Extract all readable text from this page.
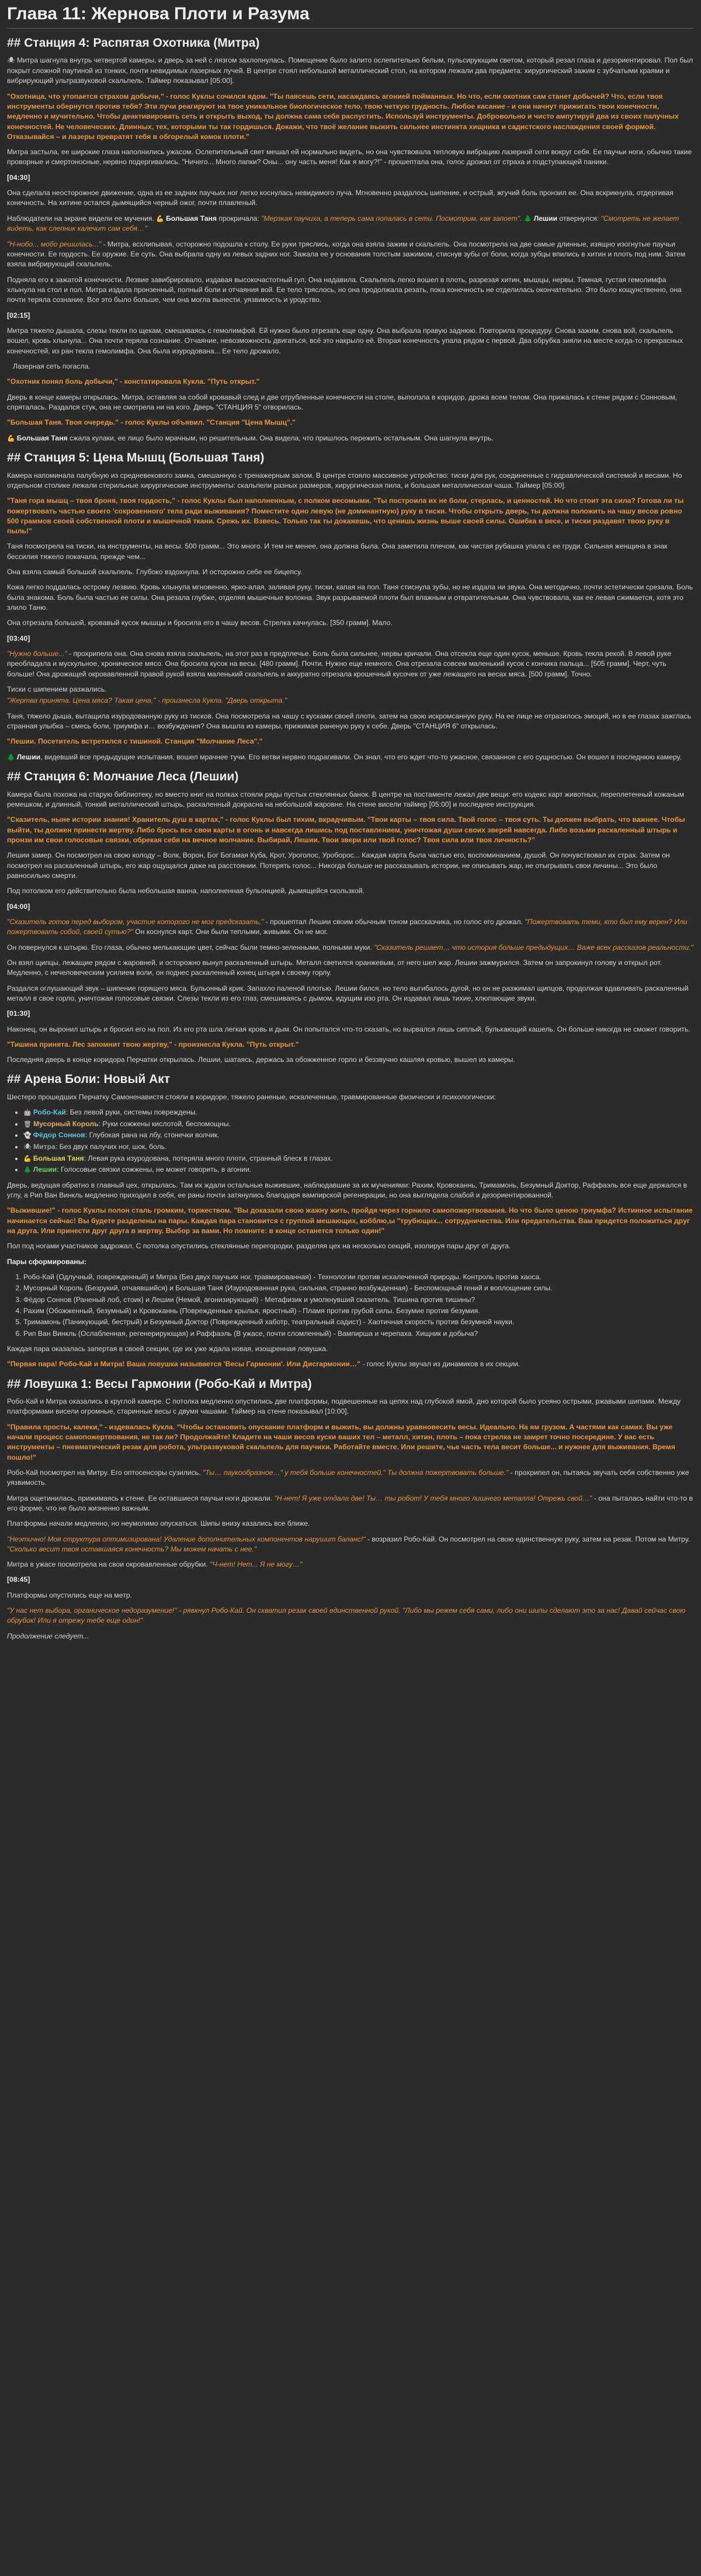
Глава 11: Жернова Плоти и Разума
## Станция 4: Распятая Охотника (Митра)

🕷 Митра шагнула внутрь четвертой камеры, и дверь за ней с лязгом захлопнулась. Помещение было залито ослепительно белым, пульсирующим светом, который резал глаза и дезориентировал. Пол был покрыт сложной паутиной из тонких, почти невидимых лазерных лучей. В центре стоял небольшой металлический стол, на котором лежали два предмета: хирургический зажим с зубчатыми краями и вибрирующий ультразвуковой скальпель. Таймер показывал [05:00].

"Охотница, что утопается страхом добычи," - голос Куклы сочился ядом. "Ты паясешь сети, насаждаясь агонией пойманных. Но что, если охотник сам станет добычей? Что, если твоя инструменты обернутся против тебя? Эти лучи реагируют на твое уникальное биологическое тело, твою четкую грудность. Любое касание - и они начнут прижигать твои конечности, медленно и мучительно. Чтобы деактивировать сеть и открыть выход, ты должна сама себя распустить. Используй инструменты. Добровольно и чисто ампутируй два из своих палучных конечностей. Не человеческих. Длинных, тех, которыми ты так гордишься. Докажи, что твоё желание выжить сильнее инстинкта хищника и садистского наслаждения своей формой. Отказывайся – и лазеры превратят тебя в обгорелый комок плоти."

Митра застыла, ее широкие глаза наполнились ужасом. Ослепительный свет мешал ей нормально видеть, но она чувствовала тепловую вибрацию лазерной сети вокруг себя. Ее паучьи ноги, обычно такие проворные и смертоносные, нервно подергивались. "Ничего... Много лапки? Оны... ону часть меня! Как я могу?!" - прошептала она, голос дрожал от страха и подступающей паники.

[04:30]

Она сделала неосторожное движение, одна из ее задних паучьих ног легко коснулась невидимого луча. Мгновенно раздалось шипение, и острый, жгучий боль пронзил ее. Она вскрикнула, отдергивая конечность. На хитине остался дымящийся черный ожог, почти плавленый.

Наблюдатели на экране видели ее мучения. 💪 Большая Таня прокричала: "Мерзкая паучиха, а теперь сама попалась в сети. Посмотрим, как запоет". 🌲 Лешии отвернулся: "Смотреть не желает видеть, как слепник калечит сам себя…"

"Н-нобо... мобо решилась..." - Митра, всхлипывая, осторожно подошла к столу. Ее руки тряслись, когда она взяла зажим и скальпель. Она посмотрела на две самые длинные, изящно изогнутые паучьи конечности. Ее гордость. Ее оружие. Ее суть. Она выбрала одну из левых задних ног. Зажала ее у основания толстым зажимом, стиснув зубы от боли, когда зубцы впились в хитин и плоть под ним. Затем взяла вибрирующий скальпель.

Подняла его к зажатой конечности. Лезвие завибрировало, издавая высокочастотный гул. Она надавила. Скальпель легко вошел в плоть, разрезая хитин, мышцы, нервы. Темная, густая гемолимфа хлынула на стол и пол. Митра издала пронзенный, полный боли и отчаяния вой. Ее тело тряслось, но она продолжала резать, пока конечность не отделилась окончательно. Это было кощунственно, она почти теряла сознание. Все это было больше, чем она могла вынести, уязвимость и уродство.

[02:15]

Митра тяжело дышала, слезы текли по щекам, смешиваясь с гемолимфой. Ей нужно было отрезать еще одну. Она выбрала правую заднюю. Повторила процедуру. Снова зажим, снова вой, скальпель вошел, кровь хлынула... Она почти теряла сознание. Отчаяние, невозможность двигаться, всё это накрыло её. Вторая конечность упала рядом с первой. Два обрубка зияли на месте когда-то прекрасных конечностей, из ран текла гемолимфа. Она была изуродована... Ее тело дрожало.

Лазерная сеть погасла.

"Охотник понял боль добычи," - констатировала Кукла. "Путь открыт."

Дверь в конце камеры открылась. Митра, оставляя за собой кровавый след и две отрубленные конечности на столе, выползла в коридор, дрожа всем телом. Она прижалась к стене рядом с Сонновым, спряталась. Раздался стук, она не смотрела ни на кого. Дверь "СТАНЦИЯ 5" отворилась.

"Большая Таня. Твоя очередь." - голос Куклы объявил. "Станция "Цена Мышц"."

💪 Большая Таня сжала кулаки, ее лицо было мрачным, но решительным. Она видела, что пришлось пережить остальным. Она шагнула внутрь.

## Станция 5: Цена Мышц (Большая Таня)

Камера напоминала палубную из средневекового замка, смешанную с тренажерным залом. В центре стояло массивное устройство: тиски для рук, соединенные с гидравлической системой и весами. Но отдельном столике лежали стерильные хирургические инструменты: скальпели разных размеров, хирургическая пила, и большая металлическая чаша. Таймер [05:00].

"Таня гора мышц – твоя броня, твоя гордость," - голос Куклы был наполненным, с полком весомыми. "Ты построила их не боли, стерлась, и ценностей. Но что стоит эта сила? Готова ли ты пожертвовать частью своего 'сокровенного' тела ради выживания? Поместите одно левую (не доминантную) руку в тиски. Чтобы открыть дверь, ты должна положить на чашу весов ровно 500 граммов своей собственной плоти и мышечной ткани. Срежь их. Взвесь. Только так ты докажешь, что ценишь жизнь выше своей силы. Ошибка в весе, и тиски раздавят твою руку в пыль!"

Таня посмотрела на тиски, на инструменты, на весы. 500 грамм... Это много. И тем не менее, она должна была. Она заметила плечом, как чистая рубашка упала с ее груди. Сильная женщина в знак бессилия тяжело покачала, прежде чем...

Она взяла самый большой скальпель. Глубоко вздохнула. И осторожно себе ее бицепсу.

Кожа легко поддалась острому лезвию. Кровь хлынула мгновенно, ярко-алая, заливая руку, тиски, капая на пол. Таня стиснула зубы, но не издала ни звука. Она методично, почти эстетически срезала. Боль была знакома. Боль была частью ее силы. Она резала глубже, отделяя мышечные волокна. Звук разрываемой плоти был влажным и отвратительным. Она чувствовала, как ее левая сжимается, хотя это злило Таню.

Она отрезала большой, кровавый кусок мышцы и бросила его в чашу весов. Стрелка качнулась. [350 грамм]. Мало.

[03:40]

"Нужно больше..." - прохрипела она. Она снова взяла скальпель, на этот раз в предплечье. Боль была сильнее, нервы кричали. Она отсекла еще один кусок, меньше. Кровь текла рекой. В левой руке преобладала и мускульное, хроническое мясо. Она бросила кусок на весы. [480 грамм]. Почти. Нужно еще немного. Она отрезала совсем маленький кусок с кончика пальца... [505 грамм]. Черт, чуть больше! Она дрожащей окровавленной правой рукой взяла маленький скальпель и аккуратно отрезала крошечный кусочек от уже лежащего на весах мяса. [500 грамм]. Точно.

Тиски с шипением разжались.

"Жертва принята. Цена мяса? Такая цена," - произнесла Кукла. "Дверь открыта."

Таня, тяжело дыша, вытащила изуродованную руку из тисков. Она посмотрела на чашу с кусками своей плоти, затем на свою искромсанную руку. На ее лице не отразилось эмоций, но в ее глазах зажглась странная улыбка – смесь боли, триумфа и… возбуждения? Она вышла из камеры, прижимая раненую руку к себе. Дверь "СТАНЦИЯ 6" открылась.

"Лешии. Посетитель встретился с тишиной. Станция "Молчание Леса"."

🌲 Лешии, видевший все предыдущие испытания, вошел мрачнее тучи. Его ветви нервно подрагивали. Он знал, что его ждет что-то ужасное, связанное с его сущностью. Он вошел в последнюю камеру.

## Станция 6: Молчание Леса (Лешии)

Камера была похожа на старую библиотеку, но вместо книг на полках стояли ряды пустых стеклянных банок. В центре на постаменте лежал две вещи: его кодекс карт животных, переплетенный кожаным ремешком, и длинный, тонкий металлический штырь, раскаленный докрасна на небольшой жаровне. На стене висели таймер [05:00] и последнее инструкция.

"Сказитель, ныне истории знания! Хранитель душ в картах," - голос Куклы был тихим, вкрадчивым. "Твои карты – твоя сила. Твой голос – твоя суть. Ты должен выбрать, что важнее. Чтобы выйти, ты должен принести жертву. Либо брось все свои карты в огонь и навсегда лишись под поставлением, уничтожая души своих зверей навсегда. Либо возьми раскаленный штырь и пронзи им свои голосовые связки, обрекая себя на вечное молчание. Выбирай, Лешии. Твои звери или твой голос? Твоя сила или твоя личность?"

Лешии замер. Он посмотрел на свою колоду – Волк, Ворон, Бог Богамая Куба, Крот, Уроголос, Уроборос... Каждая карта была частью его, воспоминанием, душой. Он почувствовал их страх. Затем он посмотрел на раскаленный штырь, его жар ощущался даже на расстоянии. Потерять голос... Никогда больше не рассказывать истории, не описывать жар, не отыгрывать свои личины... Это было равносильно смерти.

Под потолком его действительно была небольшая ванна, наполненная бульонцией, дымящейся скользкой.

[04:00]

"Сказитель готов перед выбором, участие которого не мог предсказать," - прошептал Лешии своим обычным тоном рассказчика, но голос его дрожал. "Пожертвовать теми, кто был ему верен? Или пожертвовать собой, своей сутью?" Он коснулся карт. Они были теплыми, живыми. Он не мог.

Он повернулся к штырю. Его глаза, обычно мелькающие цвет, сейчас были темно-зеленными, полными муки. "Сказитель решает… что история больше предыдущих… Важе всех рассказов реальности."

Он взял щипцы, лежащие рядом с жаровней, и осторожно вынул раскаленный штырь. Металл светился оранжевым, от него шел жар. Лешии зажмурился. Затем он запрокинул голову и открыл рот. Медленно, с нечеловеческим усилием воли, он поднес раскаленный конец штыря к своему горлу.

Раздался оглушающий звук – шипение горящего мяса. Бульонный крик. Запахло паленой плотью. Лешии бился, но тело выгибалось дугой, но он не разжимал щипцов, продолжая вдавливать раскаленный металл в свое горло, уничтожая голосовые связки. Слезы текли из его глаз, смешиваясь с дымом, идущим изо рта. Он издавал лишь тихие, хлюпающие звуки.

[01:30]

Наконец, он выронил штырь и бросил его на пол. Из его рта шла легкая кровь и дым. Он попытался что-то сказать, но вырвался лишь сиплый, булькающий кашель. Он больше никогда не сможет говорить.

"Тишина принята. Лес запомнит твою жертву," - произнесла Кукла. "Путь открыт."

Последняя дверь в конце коридора Перчатки открылась. Лешии, шатаясь, держась за обожженное горло и беззвучно кашляя кровью, вышел из камеры.

## Арена Боли: Новый Акт

Шестеро прошедших Перчатку Самоненавистя стояли в коридоре, тяжело раненые, искалеченные, травмированные физически и психологически:

• 🤖 Робо-Кай: Без левой руки, системы повреждены.
• 🗑 Мусорный Король: Руки сожжены кислотой, беспомощны.
• 👻 Фёдор Соннов: Глубокая рана на лбу, стонечки волчик.
• 🕷 Митра: Без двух палучих ног, шок, боль.
• 💪 Большая Таня: Левая рука изуродована, потеряла много плоти, странный блеск в глазах.
• 🌲 Лешии: Голосовые связки сожжены, не может говорить, в агонии.

Дверь, ведущая обратно в главный цех, открылась. Там их ждали остальные выжившие, наблюдавшие за их мучениями: Рахим, Кровоканнь, Тримамонь, Безумный Доктор, Раффаэль все еще держался в углу, а Рип Ван Винкль медленно приходил в себя, ее раны почти затянулись благодаря вампирской регенерации, но она выглядела слабой и дезориентированной.

"Выжившие!" - голос Куклы полон сталь громким, торжеством. "Вы доказали свою жажну жить, пройдя через горнило самопожертвования. Но что было ценою триумфа? Истинное испытание начинается сейчас! Вы будете разделены на пары. Каждая пара становится с группой мешающих, кобблю,ы "трубющих... сотрудничества. Или предательства. Вам придется положиться друг на друга. Или принести друг друга в жертву. Выбор за вами. Но помните: в конце останется только один!"

Пол под ногами участников задрожал. С потолка опустились стеклянные перегородки, разделяя цех на несколько секций, изолируя пары друг от друга.

Пары сформированы:

1. Робо-Кай (Одлучный, поврежденный) и Митра (Без двух паучьих ног, травмированная) - Технологии против искалеченной природы. Контроль против хаоса.
2. Мусорный Король (Безрукий, отчаявшийся) и Большая Таня (Изуродованная рука, сильная, странно возбужденная) - Беспомощный гений и воплощение силы.
3. Фёдор Соннов (Раненый лоб, стоик) и Лешии (Немой, агонизирующий) - Метафизик и умолкнувший сказитель. Тишина против тишины?
4. Рахим (Обожженный, безумный) и Кровоканнь (Поврежденные крылья, яростный) - Пламя против грубой силы. Безумие против безумия.
5. Тримамонь (Паникующий, бестрый) и Безумный Доктор (Поврежденный хаботр, театральный садист) - Хаотичная скорость против безумной науки.
6. Рип Ван Винкль (Ослабленная, регенерирующая) и Раффаэль (В ужасе, почти сломленный) - Вампирша и черепаха. Хищник и добыча?

Каждая пара оказалась запертая в своей секции, где их уже ждала новая, изощренная ловушка.

"Первая пара! Робо-Кай и Митра! Ваша ловушка называется 'Весы Гармонии'. Или Дисгармонии…" - голос Куклы звучал из динамиков в их секции.

## Ловушка 1: Весы Гармонии (Робо-Кай и Митра)

Робо-Кай и Митра оказались в круглой камере. С потолка медленно опустились две платформы, подвешенные на цепях над глубокой ямой, дно которой было усеяно острыми, ржавыми шипами. Между платформами висели огромные, старинные весы с двумя чашами. Таймер на стене показывал [10:00].

"Правила просты, калеки," - издевалась Кукла. "Чтобы остановить опускание платформ и выжить, вы должны уравновесить весы. Идеально. На ям грузом. А частями как самих. Вы уже начали процесс самопожертвования, не так ли? Продолжайте! Кладите на чаши весов куски ваших тел – металл, хитин, плоть – пока стрелка не замрет точно посередине. У вас есть инструменты – пневматический резак для робота, ультразвуковой скальпель для паучихи. Работайте вместе. Или решите, чье часть тела весит больше... и нужнее для выживания. Время пошло!"

Робо-Кай посмотрел на Митру. Его оптосенсоры сузились. "Ты… паукообразное…" у тебя больше конечностей." Ты должна пожертвовать больше." - прохрипел он, пытаясь звучать себя собственно уже уязвимость.

Митра ощетинилась, прижимаясь к стене. Ее оставшиеся паучьи ноги дрожали. "Н-нет! Я уже отдала две! Ты… ты робот! У тебя много лишнего металла! Отрежь свой…" - она пыталась найти что-то в его форме, что не было жизненно важным.

Платформы начали медленно, но неумолимо опускаться. Шипы внизу казались все ближе.

"Неэтично! Моя структура оптимизирована! Удаление дополнительных компонентов нарушит баланс!" - возразил Робо-Кай. Он посмотрел на свою единственную руку, затем на резак. Потом на Митру. "Сколько весит твоя оставшаяся конечность? Мы можем начать с нее."

Митра в ужасе посмотрела на свои окровавленные обрубки. "Ч-нет! Нет... Я не могу…"

[08:45]

Платформы опустились еще на метр.

"У нас нет выбора, органическое недоразумение!" - рявкнул Робо-Кай. Он схватил резак своей единственной рукой. "Либо мы режем себя сами, либо они шипы сделают это за нас! Давай сейчас свою обрубок! Или я отрежу тебе еще один!"

Продолжение следует...
